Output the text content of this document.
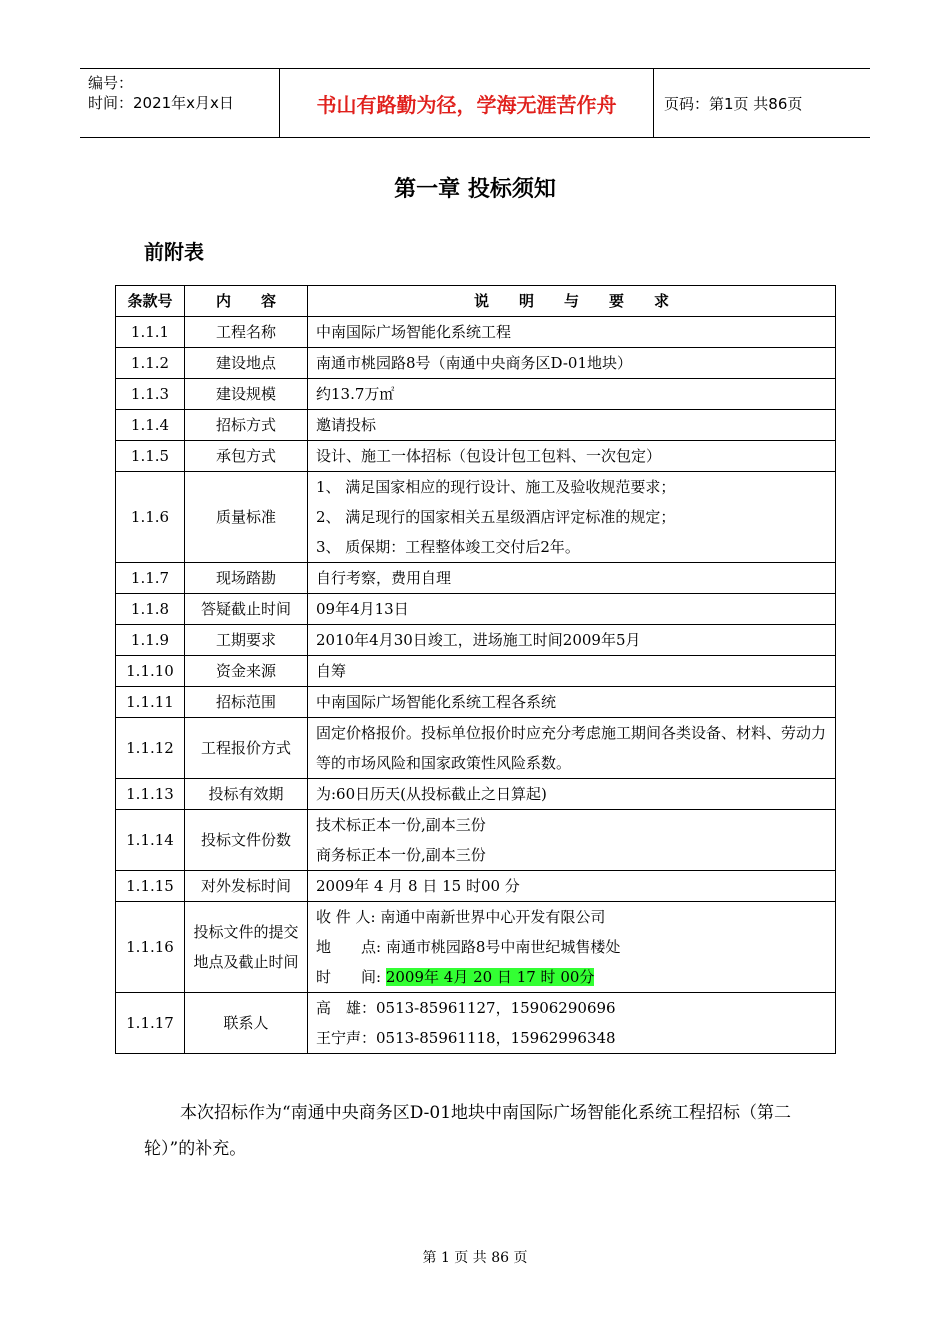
编号：
时间：2021年x月x日	书山有路勤为径，学海无涯苦作舟	页码：第1页 共86页
第一章 投标须知
前附表
条款号	内　　容	说　　明　　与　　要　　求
1.1.1	工程名称	中南国际广场智能化系统工程

1.1.2	建设地点	南通市桃园路8号（南通中央商务区D-01地块）

1.1.3	建设规模	约13.7万㎡

1.1.4	招标方式	邀请投标

1.1.5	承包方式	设计、施工一体招标（包设计包工包料、一次包定）

1.1.6	质量标准	1、 满足国家相应的现行设计、施工及验收规范要求；
2、 满足现行的国家相关五星级酒店评定标准的规定；
3、 质保期：工程整体竣工交付后2年。

1.1.7	现场踏勘	自行考察，费用自理

1.1.8	答疑截止时间	09年4月13日

1.1.9	工期要求	2010年4月30日竣工，进场施工时间2009年5月

1.1.10	资金来源	自筹

1.1.11	招标范围	中南国际广场智能化系统工程各系统

1.1.12	工程报价方式	固定价格报价。投标单位报价时应充分考虑施工期间各类设备、材料、劳动力等的市场风险和国家政策性风险系数。

1.1.13	投标有效期	为:60日历天(从投标截止之日算起)

1.1.14	投标文件份数	技术标正本一份,副本三份
商务标正本一份,副本三份

1.1.15	对外发标时间	2009年 4 月 8 日 15 时00 分

1.1.16	投标文件的提交地点及截止时间	收 件 人: 南通中南新世界中心开发有限公司
地　　点: 南通市桃园路8号中南世纪城售楼处
时　　间: 2009年 4月 20 日 17 时 00分

1.1.17	联系人	高　雄：0513-85961127，15906290696
王宁声：0513-85961118，15962996348
本次招标作为“南通中央商务区D-01地块中南国际广场智能化系统工程招标（第二轮）”的补充。
第 1 页 共 86 页
